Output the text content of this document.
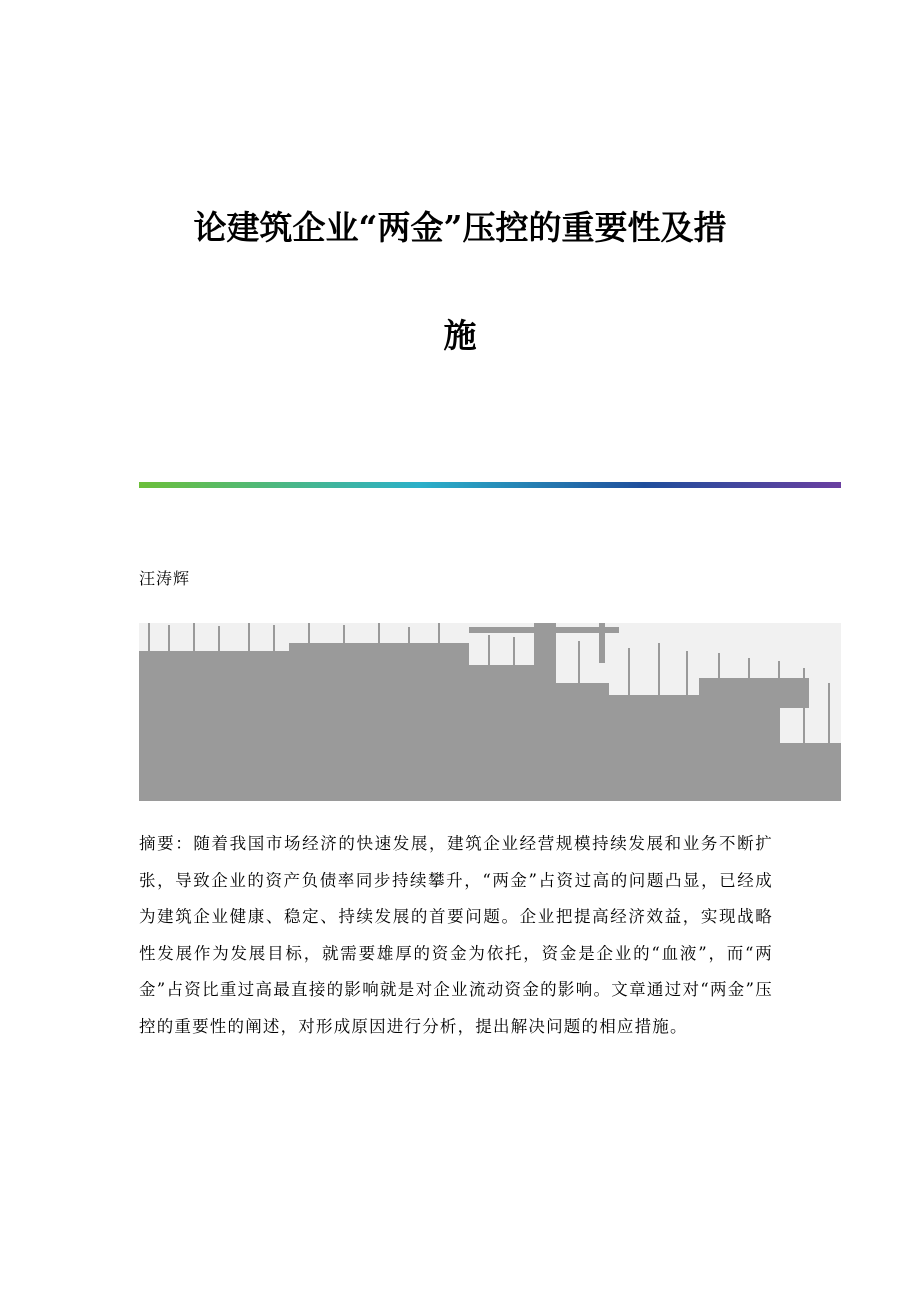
论建筑企业“两金”压控的重要性及措
施
汪涛辉

摘要：随着我国市场经济的快速发展，建筑企业经营规模持续发展和业务不断扩张，导致企业的资产负债率同步持续攀升，“两金”占资过高的问题凸显，已经成为建筑企业健康、稳定、持续发展的首要问题。企业把提高经济效益，实现战略性发展作为发展目标，就需要雄厚的资金为依托，资金是企业的“血液”，而“两金”占资比重过高最直接的影响就是对企业流动资金的影响。文章通过对“两金”压控的重要性的阐述，对形成原因进行分析，提出解决问题的相应措施。
